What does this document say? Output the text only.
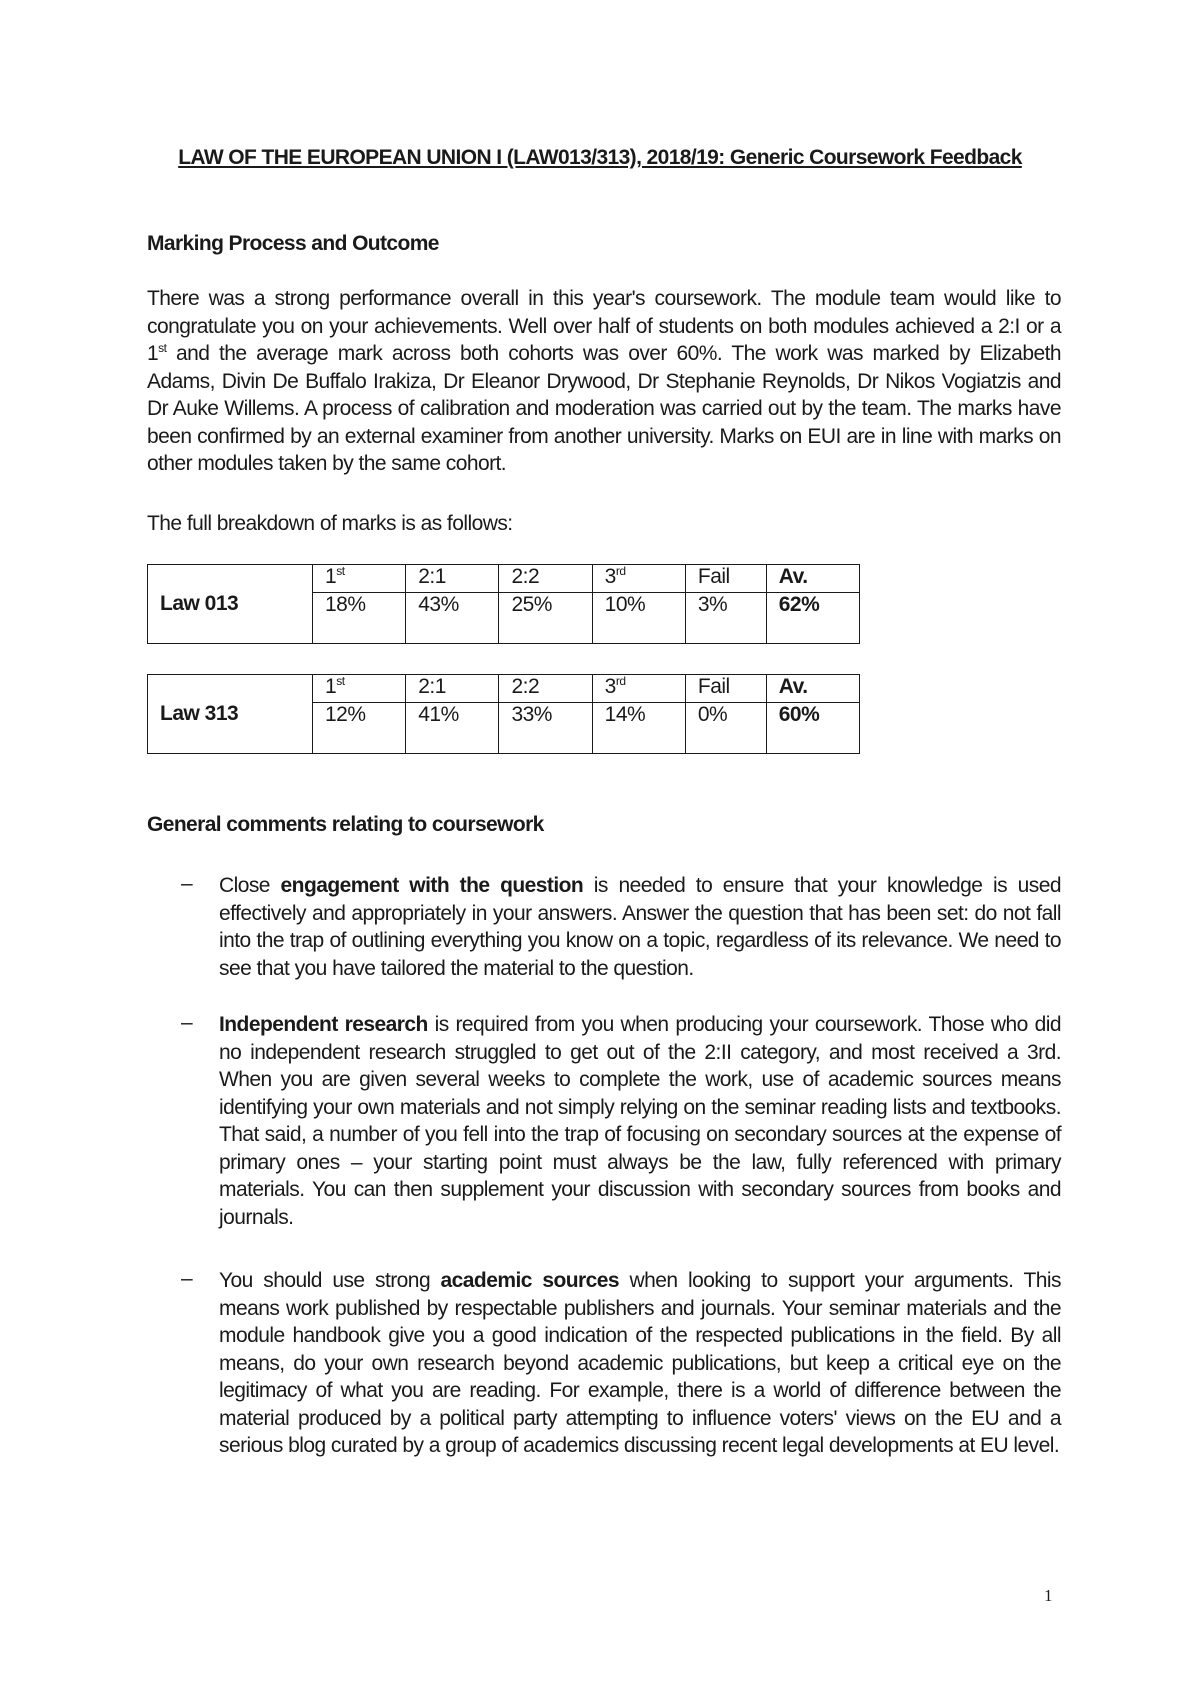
LAW OF THE EUROPEAN UNION I (LAW013/313), 2018/19: Generic Coursework Feedback
Marking Process and Outcome

There was a strong performance overall in this year's coursework. The module team would like to congratulate you on your achievements. Well over half of students on both modules achieved a 2:I or a 1st and the average mark across both cohorts was over 60%. The work was marked by Elizabeth Adams, Divin De Buffalo Irakiza, Dr Eleanor Drywood, Dr Stephanie Reynolds, Dr Nikos Vogiatzis and Dr Auke Willems. A process of calibration and moderation was carried out by the team. The marks have been confirmed by an external examiner from another university. Marks on EUI are in line with marks on other modules taken by the same cohort.

The full breakdown of marks is as follows:

Law 013	1st	2:1	2:2	3rd	Fail	Av.
	18%	43%	25%	10%	3%	62%
Law 313	1st	2:1	2:2	3rd	Fail	Av.
	12%	41%	33%	14%	0%	60%
General comments relating to coursework
– Close engagement with the question is needed to ensure that your knowledge is used effectively and appropriately in your answers. Answer the question that has been set: do not fall into the trap of outlining everything you know on a topic, regardless of its relevance. We need to see that you have tailored the material to the question.

– Independent research is required from you when producing your coursework. Those who did no independent research struggled to get out of the 2:II category, and most received a 3rd. When you are given several weeks to complete the work, use of academic sources means identifying your own materials and not simply relying on the seminar reading lists and textbooks. That said, a number of you fell into the trap of focusing on secondary sources at the expense of primary ones – your starting point must always be the law, fully referenced with primary materials. You can then supplement your discussion with secondary sources from books and journals.

– You should use strong academic sources when looking to support your arguments. This means work published by respectable publishers and journals. Your seminar materials and the module handbook give you a good indication of the respected publications in the field. By all means, do your own research beyond academic publications, but keep a critical eye on the legitimacy of what you are reading. For example, there is a world of difference between the material produced by a political party attempting to influence voters' views on the EU and a serious blog curated by a group of academics discussing recent legal developments at EU level.

1
